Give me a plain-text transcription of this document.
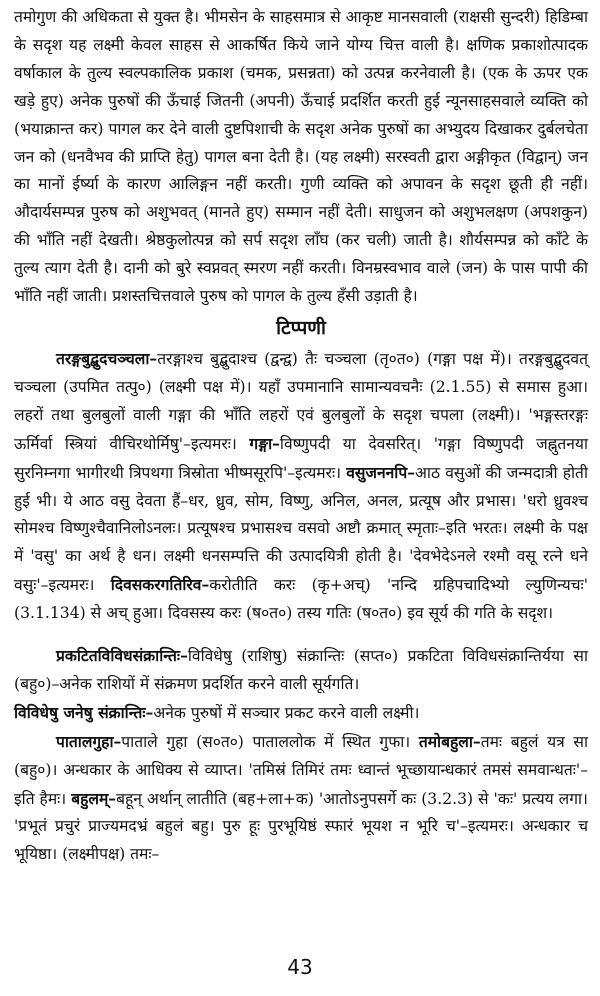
तमोगुण की अधिकता से युक्त है। भीमसेन के साहसमात्र से आकृष्ट मानसवाली (राक्षसी सुन्दरी) हिडिम्बा के सदृश यह लक्ष्मी केवल साहस से आकर्षित किये जाने योग्य चित्त वाली है। क्षणिक प्रकाशोत्पादक वर्षाकाल के तुल्य स्वल्पकालिक प्रकाश (चमक, प्रसन्नता) को उत्पन्न करनेवाली है। (एक के ऊपर एक खड़े हुए) अनेक पुरुषों की ऊँचाई जितनी (अपनी) ऊँचाई प्रदर्शित करती हुई न्यूनसाहसवाले व्यक्ति को (भयाक्रान्त कर) पागल कर देने वाली दुष्टपिशाची के सदृश अनेक पुरुषों का अभ्युदय दिखाकर दुर्बलचेता जन को (धनवैभव की प्राप्ति हेतु) पागल बना देती है। (यह लक्ष्मी) सरस्वती द्वारा अङ्गीकृत (विद्वान्) जन का मानों ईर्ष्या के कारण आलिङ्गन नहीं करती। गुणी व्यक्ति को अपावन के सदृश छूती ही नहीं। औदार्यसम्पन्न पुरुष को अशुभवत् (मानते हुए) सम्मान नहीं देती। साधुजन को अशुभलक्षण (अपशकुन) की भाँति नहीं देखती। श्रेष्ठकुलोत्पन्न को सर्प सदृश लाँघ (कर चली) जाती है। शौर्यसम्पन्न को काँटे के तुल्य त्याग देती है। दानी को बुरे स्वप्नवत् स्मरण नहीं करती। विनम्रस्वभाव वाले (जन) के पास पापी की भाँति नहीं जाती। प्रशस्तचित्तवाले पुरुष को पागल के तुल्य हँसी उड़ाती है।

टिप्पणी

तरङ्गबुद्बुदचञ्चला–तरङ्गाश्च बुद्बुदाश्च (द्वन्द्व) तैः चञ्चला (तृ०त०) (गङ्गा पक्ष में)। तरङ्गबुद्बुदवत् चञ्चला (उपमित तत्पु०) (लक्ष्मी पक्ष में)। यहाँ उपमानानि सामान्यवचनैः (2.1.55) से समास हुआ। लहरों तथा बुलबुलों वाली गङ्गा की भाँति लहरों एवं बुलबुलों के सदृश चपला (लक्ष्मी)। 'भङ्गस्तरङ्गः ऊर्मिर्वा स्त्रियां वीचिरथोर्मिषु'–इत्यमरः। गङ्गा–विष्णुपदी या देवसरित्। 'गङ्गा विष्णुपदी जह्नुतनया सुरनिम्नगा भागीरथी त्रिपथगा त्रिस्रोता भीष्मसूरपि'–इत्यमरः। वसुजननपि–आठ वसुओं की जन्मदात्री होती हुई भी। ये आठ वसु देवता हैं–धर, ध्रुव, सोम, विष्णु, अनिल, अनल, प्रत्यूष और प्रभास। 'धरो ध्रुवश्च सोमश्च विष्णुश्चैवानिलोऽनलः। प्रत्यूषश्च प्रभासश्च वसवो अष्टौ क्रमात् स्मृताः–इति भरतः। लक्ष्मी के पक्ष में 'वसु' का अर्थ है धन। लक्ष्मी धनसम्पत्ति की उत्पादयित्री होती है। 'देवभेदेऽनले रश्मौ वसू रत्ने धने वसुः'–इत्यमरः। दिवसकरगतिरिव–करोतीति करः (कृ+अच्) 'नन्दि ग्रहिपचादिभ्यो ल्युणिन्यचः' (3.1.134) से अच् हुआ। दिवसस्य करः (ष०त०) तस्य गतिः (ष०त०) इव सूर्य की गति के सदृश।

प्रकटितविविधसंक्रान्तिः–विविधेषु (राशिषु) संक्रान्तिः (सप्त०) प्रकटिता विविधसंक्रान्तिर्यया सा (बहु०)–अनेक राशियों में संक्रमण प्रदर्शित करने वाली सूर्यगति।

विविधेषु जनेषु संक्रान्तिः–अनेक पुरुषों में सञ्चार प्रकट करने वाली लक्ष्मी।

पातालगुहा–पाताले गुहा (स०त०) पाताललोक में स्थित गुफा। तमोबहुला–तमः बहुलं यत्र सा (बहु०)। अन्धकार के आधिक्य से व्याप्त। 'तमिस्रं तिमिरं तमः ध्वान्तं भूच्छायान्धकारं तमसं समवान्धतः'–इति हैमः। बहुलम्–बहून् अर्थान् लातीति (बह+ला+क) 'आतोऽनुपसर्गे कः (3.2.3) से 'कः' प्रत्यय लगा। 'प्रभूतं प्रचुरं प्राज्यमदभ्रं बहुलं बहु। पुरु हूः पुरभूयिष्ठं स्फारं भूयश न भूरि च'–इत्यमरः। अन्धकार च भूयिष्ठा। (लक्ष्मीपक्ष) तमः–

43
